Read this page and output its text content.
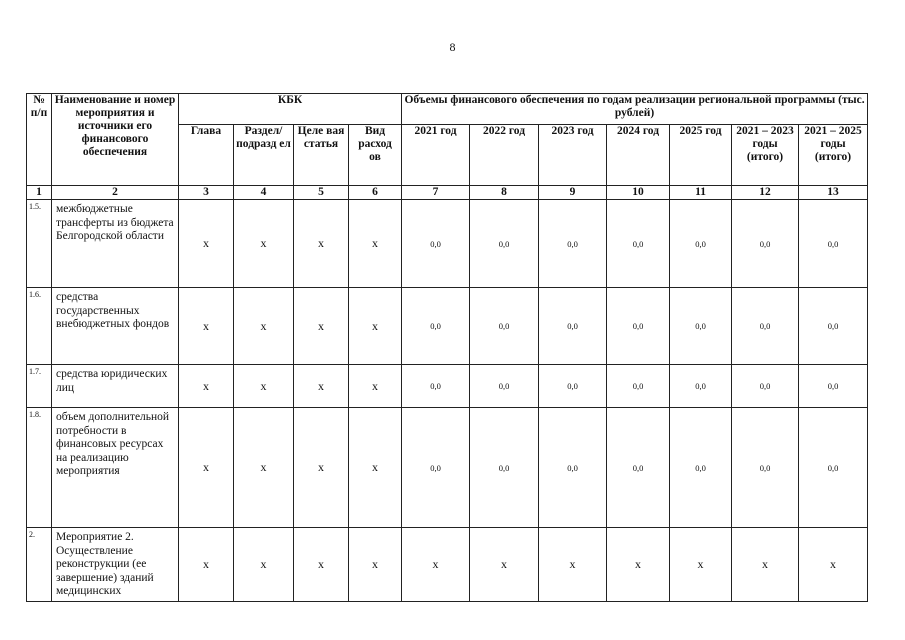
8
№ п/п	Наименование и номер мероприятия и источники его финансового обеспечения	КБК				Объемы финансового обеспечения по годам реализации региональной программы (тыс. рублей)						
		Глава	Раздел/ подразд ел	Целе вая статья	Вид расход ов	2021 год	2022 год	2023 год	2024 год	2025 год	2021 – 2023 годы (итого)	2021 – 2025 годы (итого)
1	2	3	4	5	6	7	8	9	10	11	12	13
1.5.	межбюджетные трансферты из бюджета Белгородской области	х	х	х	х	0,0	0,0	0,0	0,0	0,0	0,0	0,0
1.6.	средства государственных внебюджетных фондов	х	х	х	х	0,0	0,0	0,0	0,0	0,0	0,0	0,0
1.7.	средства юридических лиц	х	х	х	х	0,0	0,0	0,0	0,0	0,0	0,0	0,0
1.8.	объем дополнительной потребности в финансовых ресурсах на реализацию мероприятия	х	х	х	х	0,0	0,0	0,0	0,0	0,0	0,0	0,0
2.	Мероприятие 2. Осуществление реконструкции (ее завершение) зданий медицинских	х	х	х	х	х	х	х	х	х	х	х
